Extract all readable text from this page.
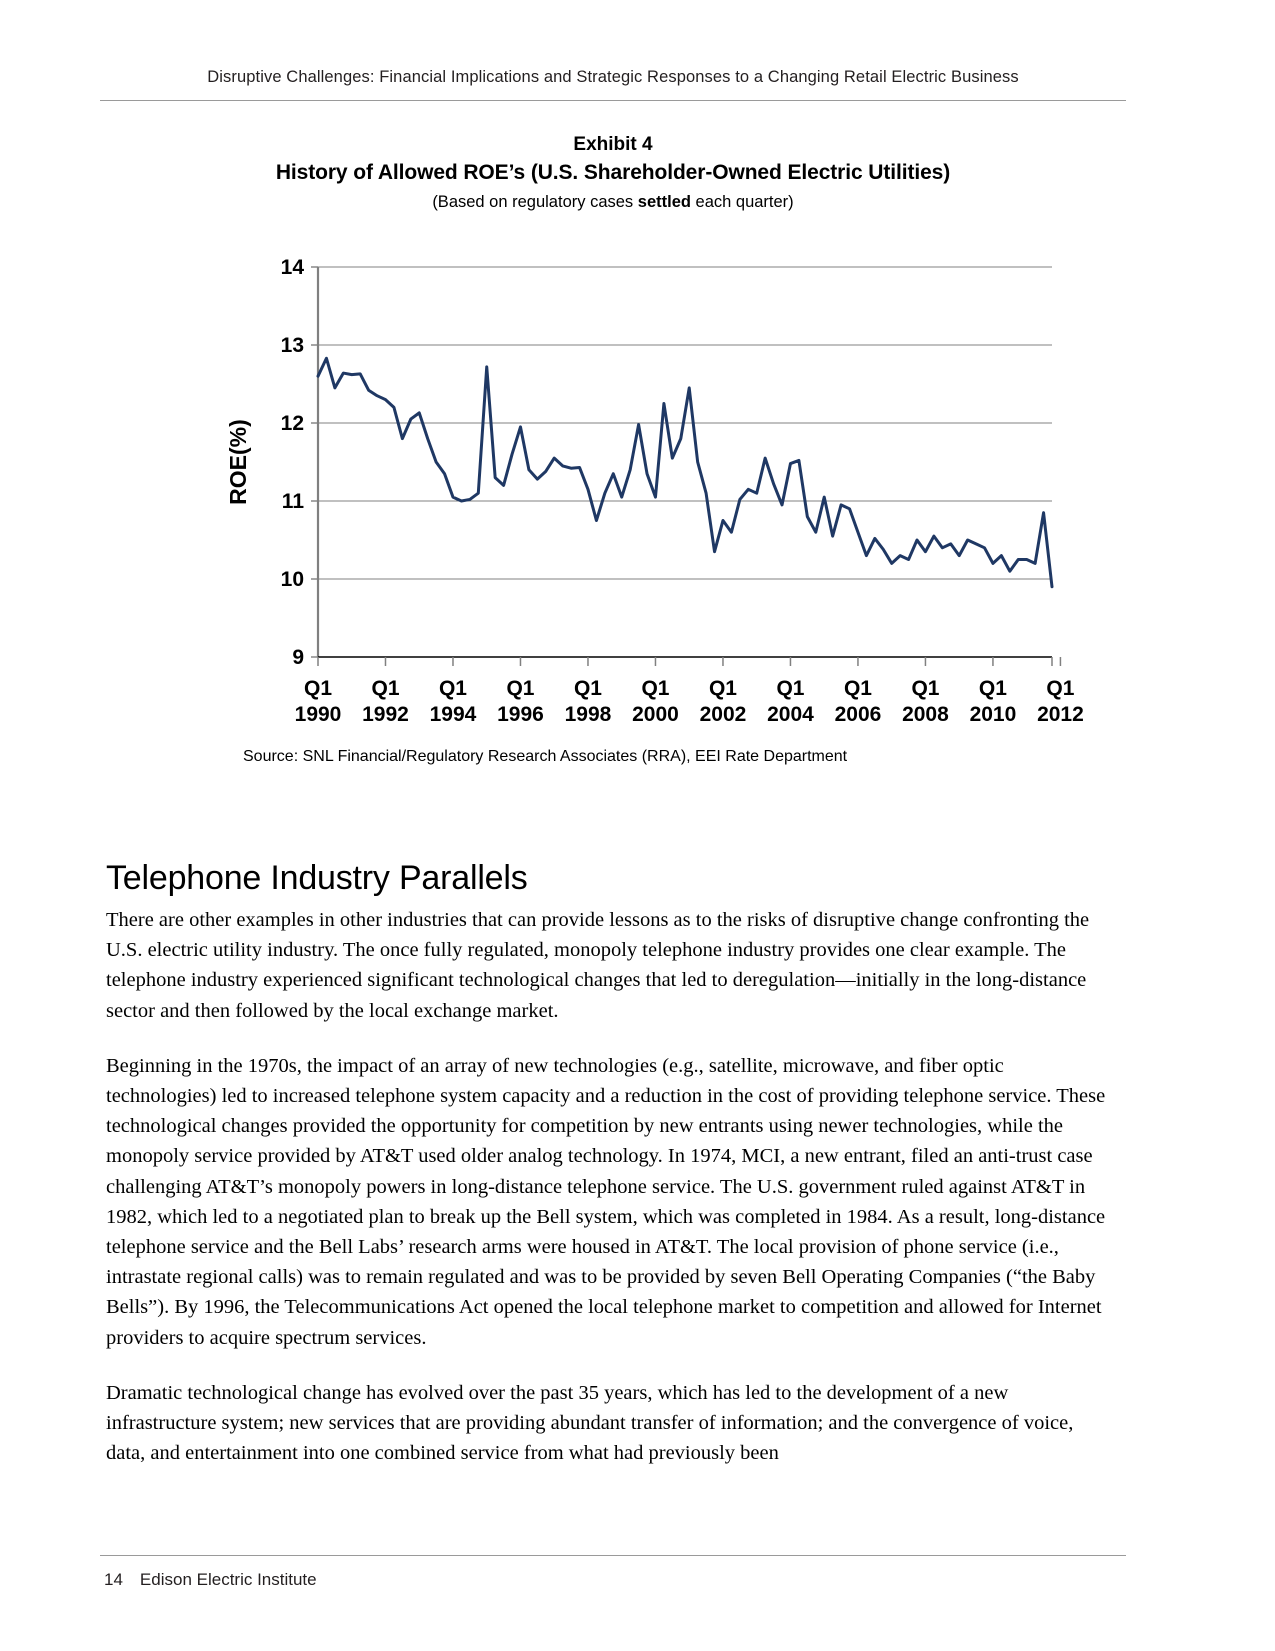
Disruptive Challenges: Financial Implications and Strategic Responses to a Changing Retail Electric Business
Exhibit 4
History of Allowed ROE’s (U.S. Shareholder-Owned Electric Utilities)
(Based on regulatory cases settled each quarter)
9
10
11
12
13
14
Q1
1990
Q1
1992
Q1
1994
Q1
1996
Q1
1998
Q1
2000
Q1
2002
Q1
2004
Q1
2006
Q1
2008
Q1
2010
Q1
2012
ROE(%)
Source: SNL Financial/Regulatory Research Associates (RRA), EEI Rate Department
Telephone Industry Parallels

There are other examples in other industries that can provide lessons as to the risks of disruptive change confronting the U.S. electric utility industry. The once fully regulated, monopoly telephone industry provides one clear example. The telephone industry experienced significant technological changes that led to deregulation—initially in the long-distance sector and then followed by the local exchange market.

Beginning in the 1970s, the impact of an array of new technologies (e.g., satellite, microwave, and fiber optic technologies) led to increased telephone system capacity and a reduction in the cost of providing telephone service. These technological changes provided the opportunity for competition by new entrants using newer technologies, while the monopoly service provided by AT&T used older analog technology. In 1974, MCI, a new entrant, filed an anti-trust case challenging AT&T’s monopoly powers in long-distance telephone service. The U.S. government ruled against AT&T in 1982, which led to a negotiated plan to break up the Bell system, which was completed in 1984. As a result, long-distance telephone service and the Bell Labs’ research arms were housed in AT&T. The local provision of phone service (i.e., intrastate regional calls) was to remain regulated and was to be provided by seven Bell Operating Companies (“the Baby Bells”). By 1996, the Telecommunications Act opened the local telephone market to competition and allowed for Internet providers to acquire spectrum services.

Dramatic technological change has evolved over the past 35 years, which has led to the development of a new infrastructure system; new services that are providing abundant transfer of information; and the convergence of voice, data, and entertainment into one combined service from what had previously been

14 Edison Electric Institute
